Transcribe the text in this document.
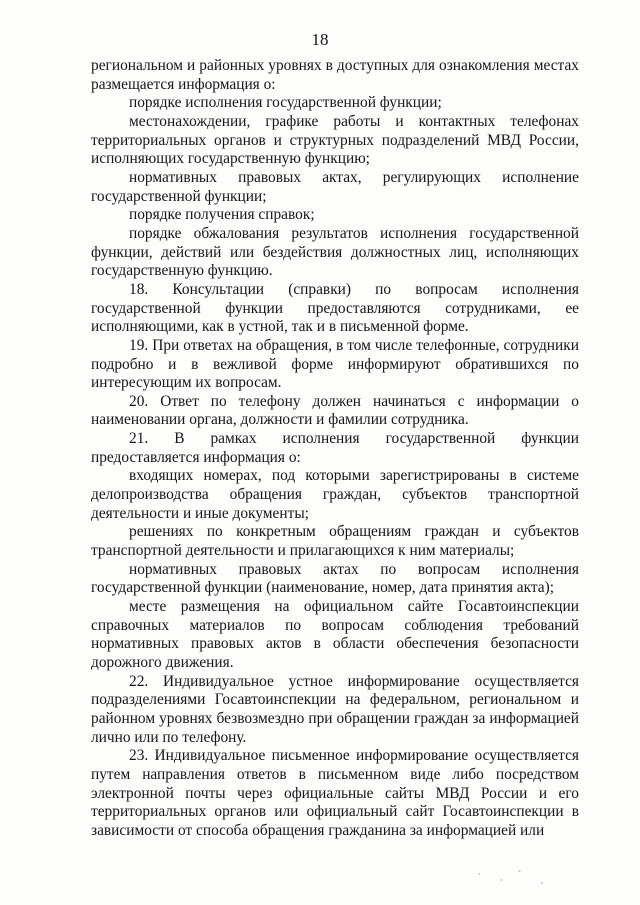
18

региональном и районных уровнях в доступных для ознакомления местах размещается информация о:

порядке исполнения государственной функции;

местонахождении, графике работы и контактных телефонах территориальных органов и структурных подразделений МВД России, исполняющих государственную функцию;

нормативных правовых актах, регулирующих исполнение государственной функции;

порядке получения справок;

порядке обжалования результатов исполнения государственной функции, действий или бездействия должностных лиц, исполняющих государственную функцию.

18. Консультации (справки) по вопросам исполнения государственной функции предоставляются сотрудниками, ее исполняющими, как в устной, так и в письменной форме.

19. При ответах на обращения, в том числе телефонные, сотрудники подробно и в вежливой форме информируют обратившихся по интересующим их вопросам.

20. Ответ по телефону должен начинаться с информации о наименовании органа, должности и фамилии сотрудника.

21. В рамках исполнения государственной функции предоставляется информация о:

входящих номерах, под которыми зарегистрированы в системе делопроизводства обращения граждан, субъектов транспортной деятельности и иные документы;

решениях по конкретным обращениям граждан и субъектов транспортной деятельности и прилагающихся к ним материалы;

нормативных правовых актах по вопросам исполнения государственной функции (наименование, номер, дата принятия акта);

месте размещения на официальном сайте Госавтоинспекции справочных материалов по вопросам соблюдения требований нормативных правовых актов в области обеспечения безопасности дорожного движения.

22. Индивидуальное устное информирование осуществляется подразделениями Госавтоинспекции на федеральном, региональном и районном уровнях безвозмездно при обращении граждан за информацией лично или по телефону.

23. Индивидуальное письменное информирование осуществляется путем направления ответов в письменном виде либо посредством электронной почты через официальные сайты МВД России и его территориальных органов или официальный сайт Госавтоинспекции в зависимости от способа обращения гражданина за информацией или
